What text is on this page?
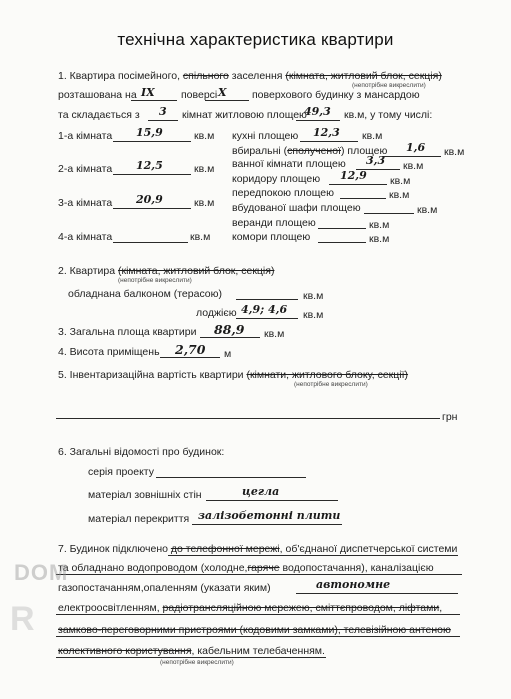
технічна характеристика квартири
1. Квартира посімейного, спільного заселення (кімната, житловий блок, секція)
(непотрібне викреслити)
розташована на IX	поверсі X поверхового будинку з мансардою
та складається з 3 кімнат житловою площею
49,3 кв.м, у тому числі:
1-а кімната 15,9	кв.м
2-а кімната 12,5	кв.м
3-а кімната 20,9	кв.м
4-а кімната	кв.м
кухні площею 12,3 кв.м
вбиральні (сполученої) площею 1,6 кв.м
ванної кімнати площею 3,3 кв.м
коридору площею 12,9 кв.м
передпокою площею	кв.м
вбудованої шафи площею	кв.м
веранди площею	кв.м
комори площею	кв.м
2. Квартира (кімната, житловий блок, секція)
(непотрібне викреслити)
обладнана балконом (терасою)	кв.м
лоджією 4,9; 4,6 кв.м
3. Загальна площа квартири 88,9 кв.м
4. Висота приміщень 2,70 м
5. Інвентаризаційна вартість квартири (кімнати, житлового блоку, секції)
(непотрібне викреслити)
грн
6. Загальні відомості про будинок:
серія проекту
матеріал зовнішніх стін	цегла
матеріал перекриття залізобетонні плити
7. Будинок підключено до телефонної мережі, об'єднаної диспетчерської системи
та обладнано водопроводом (холодне,гаряче водопостачання), каналізацією
газопостачанням,опаленням (указати яким)	автономне
електроосвітленням, радіотрансляційною мережею, сміттєпроводом, ліфтами,
замково-переговорними пристроями (кодовими замками), телевізійною антеною
колективного користування, кабельним телебаченням.
(непотрібне викреслити)
DOM
R
